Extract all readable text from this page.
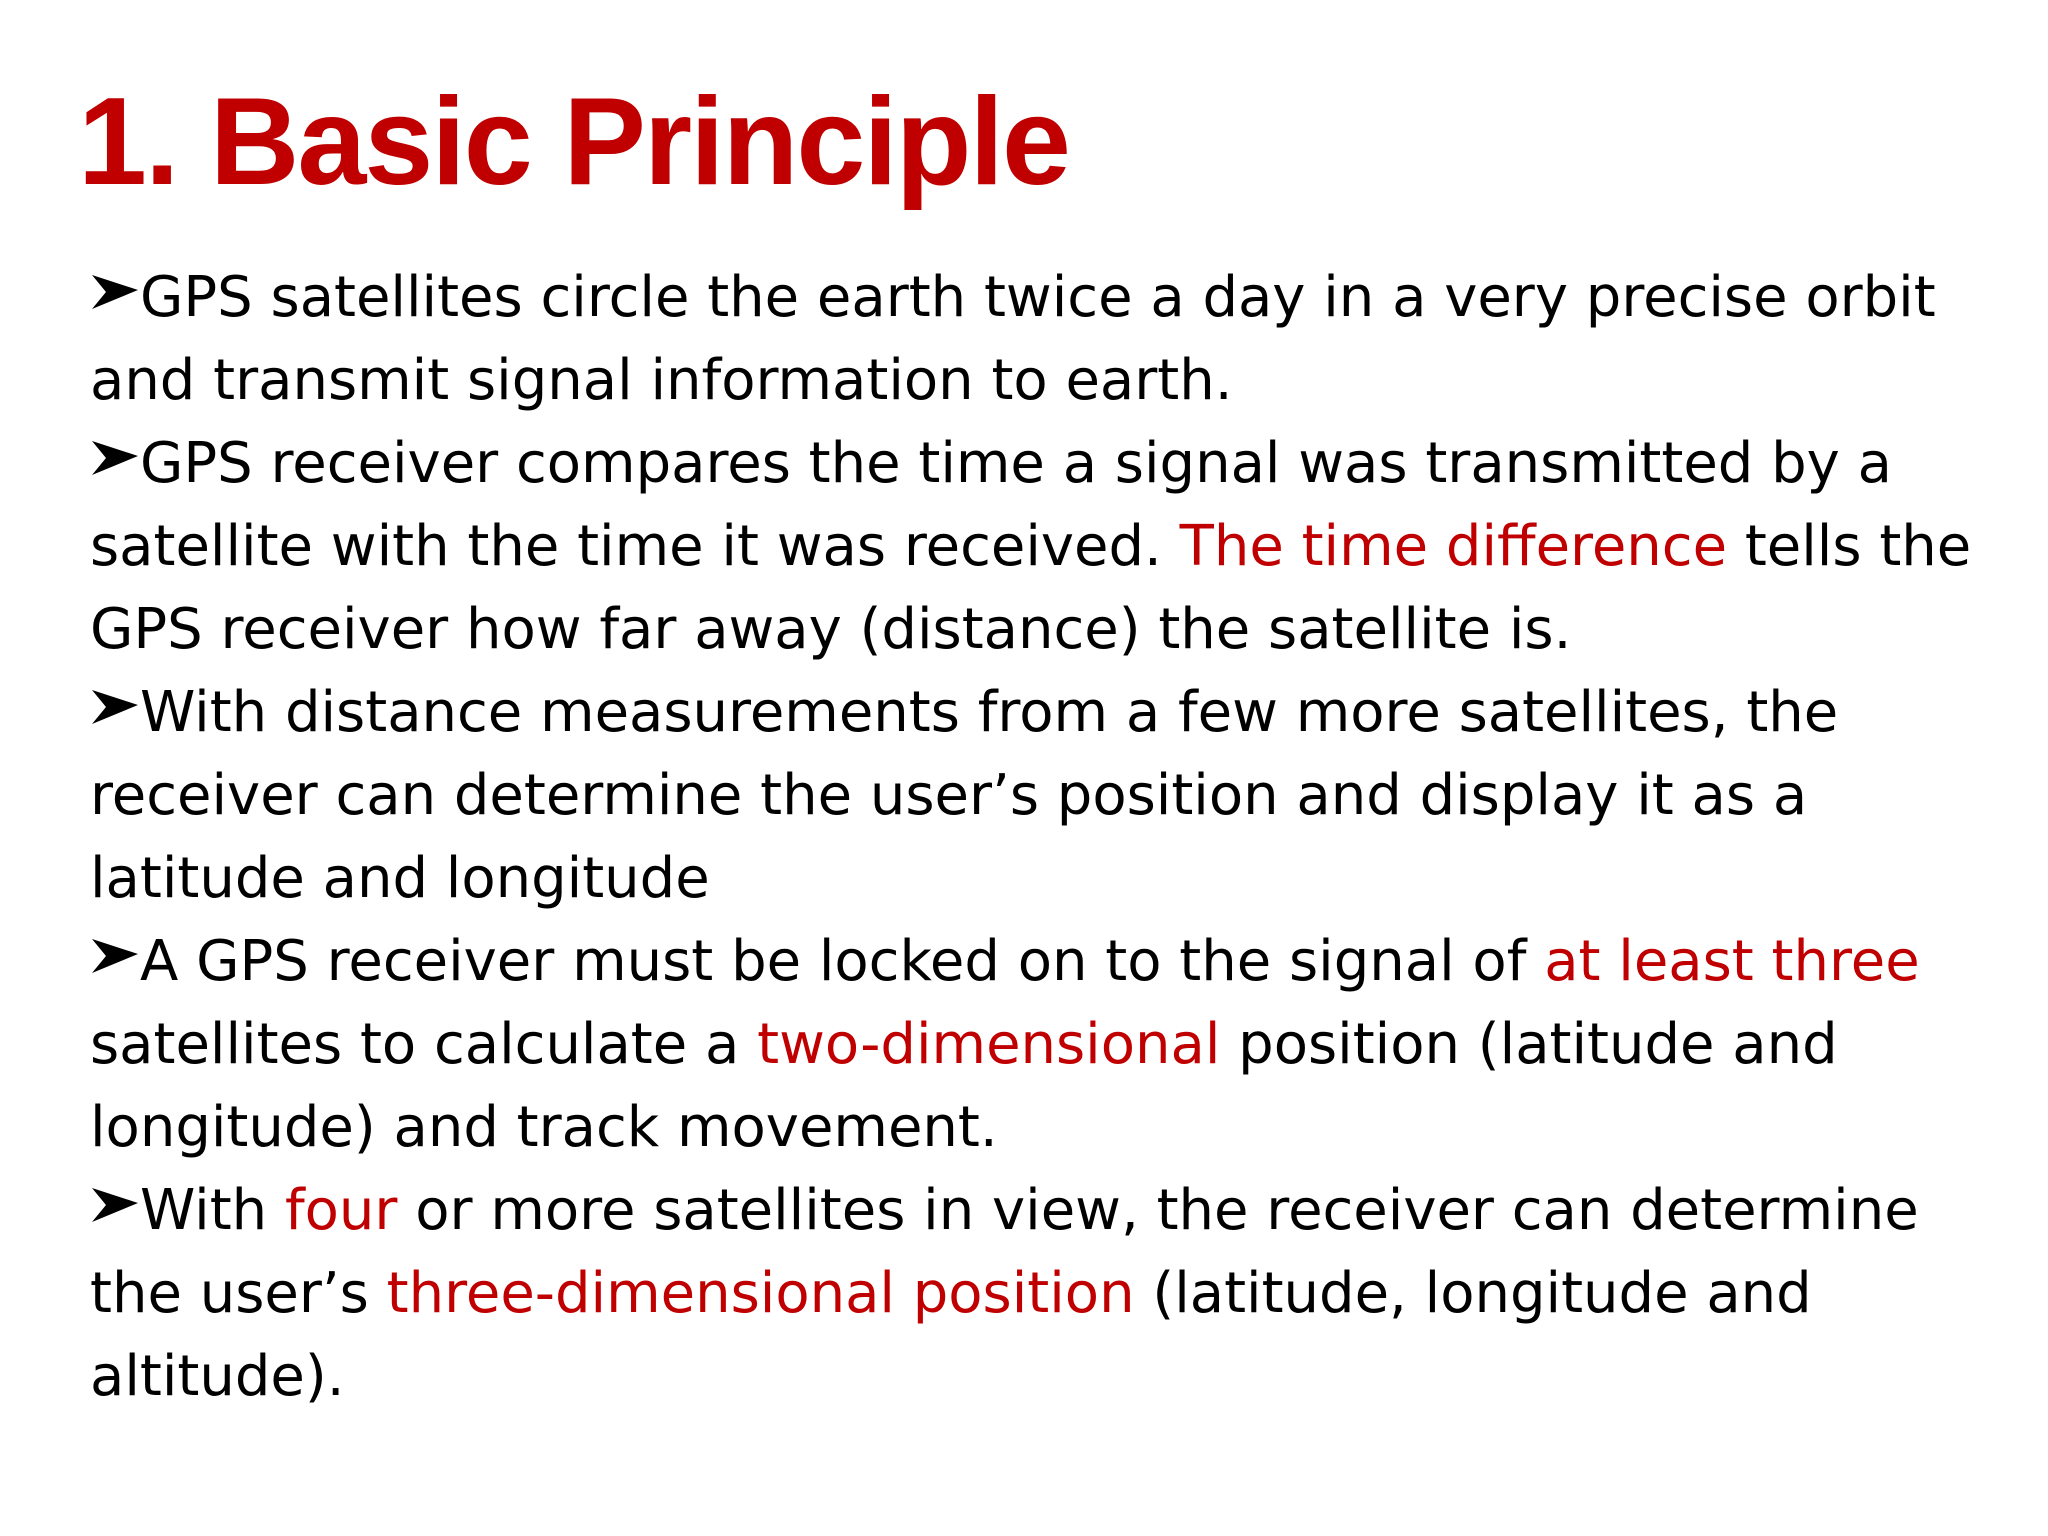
1. Basic Principle

GPS satellites circle the earth twice a day in a very precise orbit and transmit signal information to earth.

GPS receiver compares the time a signal was transmitted by a satellite with the time it was received. The time difference tells the GPS receiver how far away (distance) the satellite is.

With distance measurements from a few more satellites, the receiver can determine the user’s position and display it as a latitude and longitude

A GPS receiver must be locked on to the signal of at least three satellites to calculate a two-dimensional position (latitude and longitude) and track movement.

With four or more satellites in view, the receiver can determine the user’s three-dimensional position (latitude, longitude and altitude).
